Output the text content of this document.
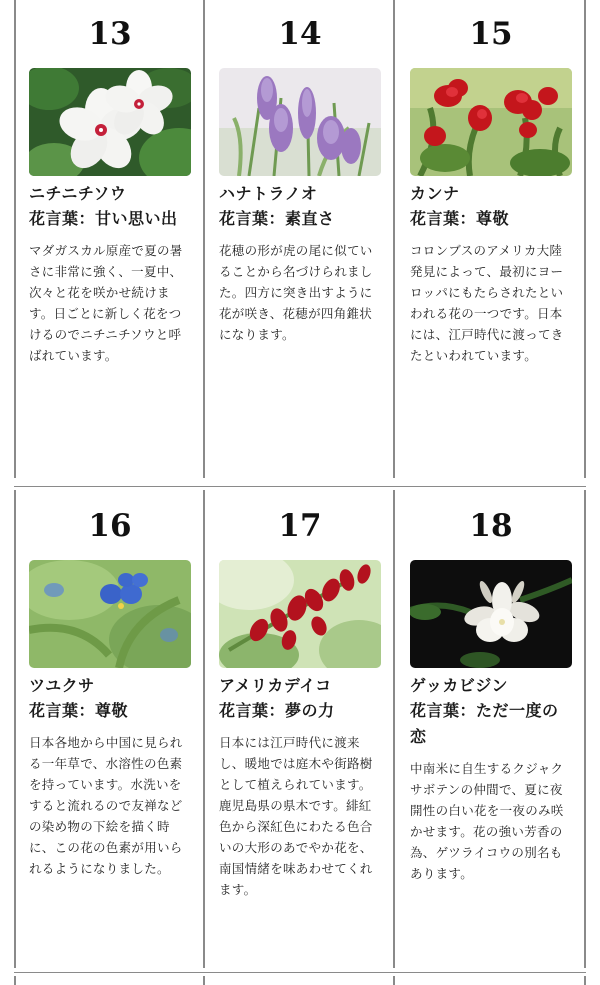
13
ニチニチソウ
花言葉：甘い思い出
マダガスカル原産で夏の暑さに非常に強く、一夏中、次々と花を咲かせ続けます。日ごとに新しく花をつけるのでニチニチソウと呼ばれています。
14
ハナトラノオ
花言葉：素直さ
花穂の形が虎の尾に似ていることから名づけられました。四方に突き出すように花が咲き、花穂が四角錐状になります。
15
カンナ
花言葉：尊敬
コロンブスのアメリカ大陸発見によって、最初にヨーロッパにもたらされたといわれる花の一つです。日本には、江戸時代に渡ってきたといわれています。
16
ツユクサ
花言葉：尊敬
日本各地から中国に見られる一年草で、水溶性の色素を持っています。水洗いをすると流れるので友禅などの染め物の下絵を描く時に、この花の色素が用いられるようになりました。
17
アメリカデイコ
花言葉：夢の力
日本には江戸時代に渡来し、暖地では庭木や街路樹として植えられています。鹿児島県の県木です。緋紅色から深紅色にわたる色合いの大形のあでやか花を、南国情緒を味あわせてくれます。
18
ゲッカビジン
花言葉：ただ一度の恋
中南米に自生するクジャクサボテンの仲間で、夏に夜開性の白い花を一夜のみ咲かせます。花の強い芳香の為、ゲツライコウの別名もあります。
